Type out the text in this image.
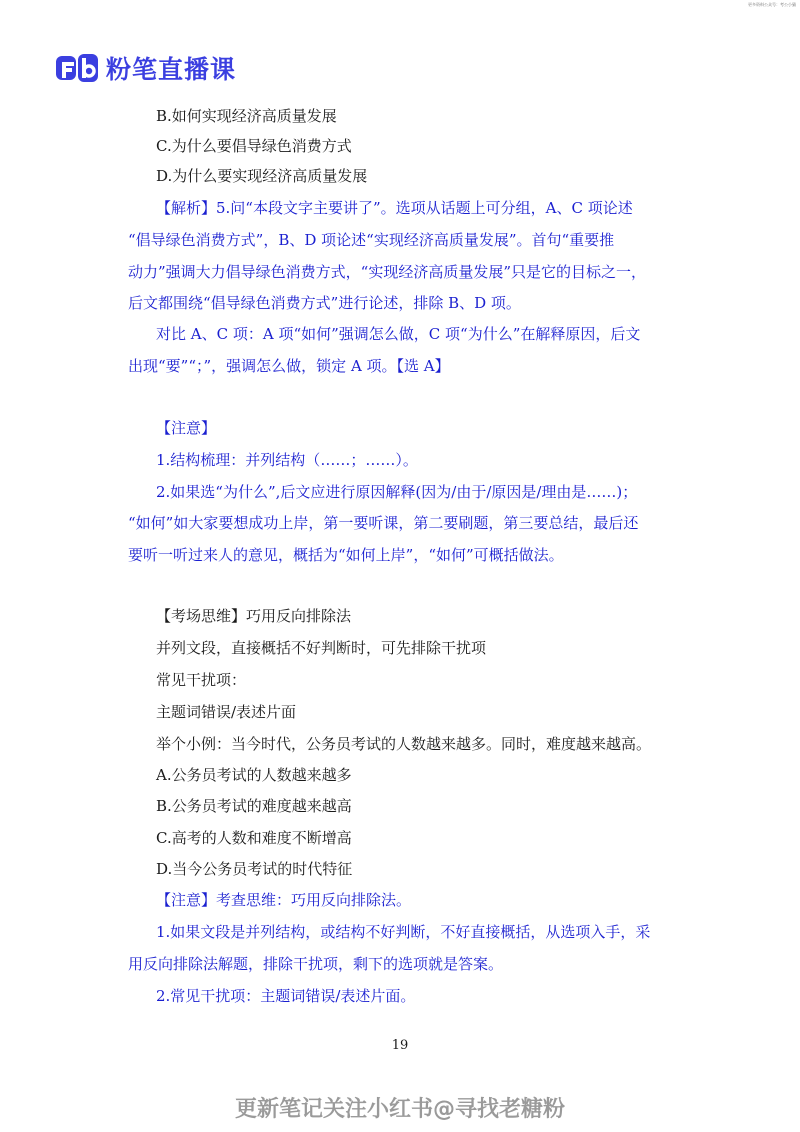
更多资料公众号：考公小猫
粉笔直播课
B.如何实现经济高质量发展
C.为什么要倡导绿色消费方式
D.为什么要实现经济高质量发展
【解析】5.问“本段文字主要讲了”。选项从话题上可分组，A、C 项论述
“倡导绿色消费方式”，B、D 项论述“实现经济高质量发展”。首句“重要推
动力”强调大力倡导绿色消费方式，“实现经济高质量发展”只是它的目标之一，
后文都围绕“倡导绿色消费方式”进行论述，排除 B、D 项。
对比 A、C 项：A 项“如何”强调怎么做，C 项“为什么”在解释原因，后文
出现“要”“；”，强调怎么做，锁定 A 项。【选 A】
【注意】
1.结构梳理：并列结构（……；……）。
2.如果选“为什么”,后文应进行原因解释(因为/由于/原因是/理由是……)；
“如何”如大家要想成功上岸，第一要听课，第二要刷题，第三要总结，最后还
要听一听过来人的意见，概括为“如何上岸”，“如何”可概括做法。
【考场思维】巧用反向排除法
并列文段，直接概括不好判断时，可先排除干扰项
常见干扰项：
主题词错误/表述片面
举个小例：当今时代，公务员考试的人数越来越多。同时，难度越来越高。
A.公务员考试的人数越来越多
B.公务员考试的难度越来越高
C.高考的人数和难度不断增高
D.当今公务员考试的时代特征
【注意】考查思维：巧用反向排除法。
1.如果文段是并列结构，或结构不好判断，不好直接概括，从选项入手，采
用反向排除法解题，排除干扰项，剩下的选项就是答案。
2.常见干扰项：主题词错误/表述片面。
19
更新笔记关注小红书@寻找老糖粉
